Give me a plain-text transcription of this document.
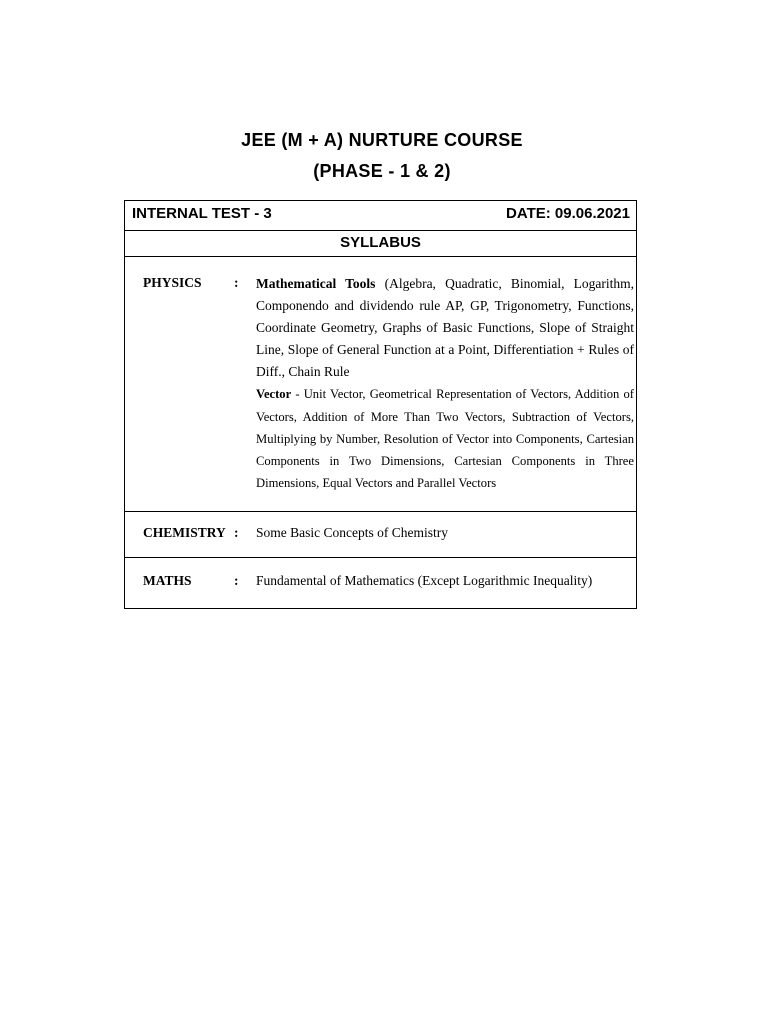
JEE (M + A) NURTURE COURSE
(PHASE - 1 & 2)
INTERNAL TEST - 3	DATE: 09.06.2021
SYLLABUS
PHYSICS : Mathematical Tools (Algebra, Quadratic, Binomial, Logarithm, Componendo and dividendo rule AP, GP, Trigonometry, Functions, Coordinate Geometry, Graphs of Basic Functions, Slope of Straight Line, Slope of General Function at a Point, Differentiation + Rules of Diff., Chain Rule
Vector - Unit Vector, Geometrical Representation of Vectors, Addition of Vectors, Addition of More Than Two Vectors, Subtraction of Vectors, Multiplying by Number, Resolution of Vector into Components, Cartesian Components in Two Dimensions, Cartesian Components in Three Dimensions, Equal Vectors and Parallel Vectors
CHEMISTRY : Some Basic Concepts of Chemistry
MATHS	: Fundamental of Mathematics (Except Logarithmic Inequality)
